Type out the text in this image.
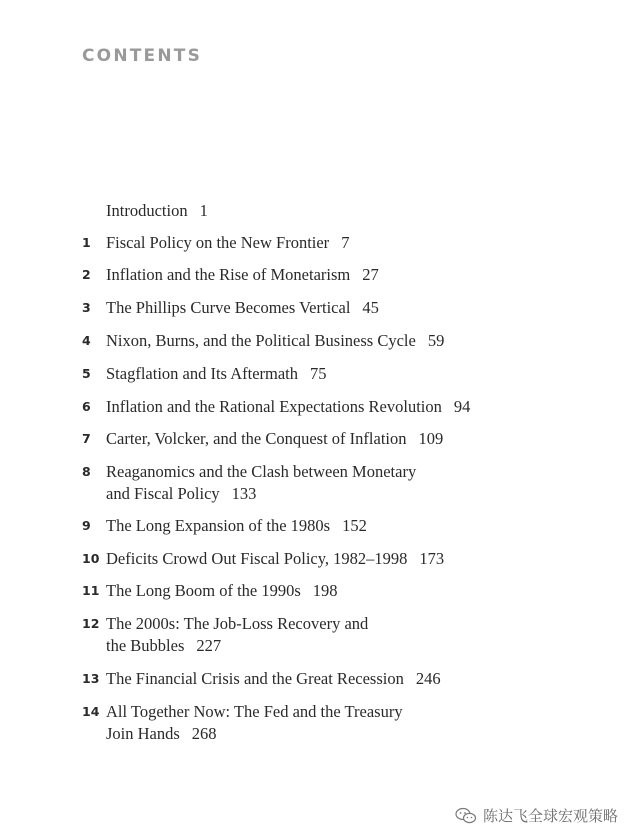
CONTENTS
Introduction 1
1 Fiscal Policy on the New Frontier 7
2 Inflation and the Rise of Monetarism 27
3 The Phillips Curve Becomes Vertical 45
4 Nixon, Burns, and the Political Business Cycle 59
5 Stagflation and Its Aftermath 75
6 Inflation and the Rational Expectations Revolution 94
7 Carter, Volcker, and the Conquest of Inflation 109
8 Reaganomics and the Clash between Monetary
and Fiscal Policy 133
9 The Long Expansion of the 1980s 152
10 Deficits Crowd Out Fiscal Policy, 1982–1998 173
11 The Long Boom of the 1990s 198
12 The 2000s: The Job-Loss Recovery and
the Bubbles 227
13 The Financial Crisis and the Great Recession 246
14 All Together Now: The Fed and the Treasury
Join Hands 268
陈达飞全球宏观策略
